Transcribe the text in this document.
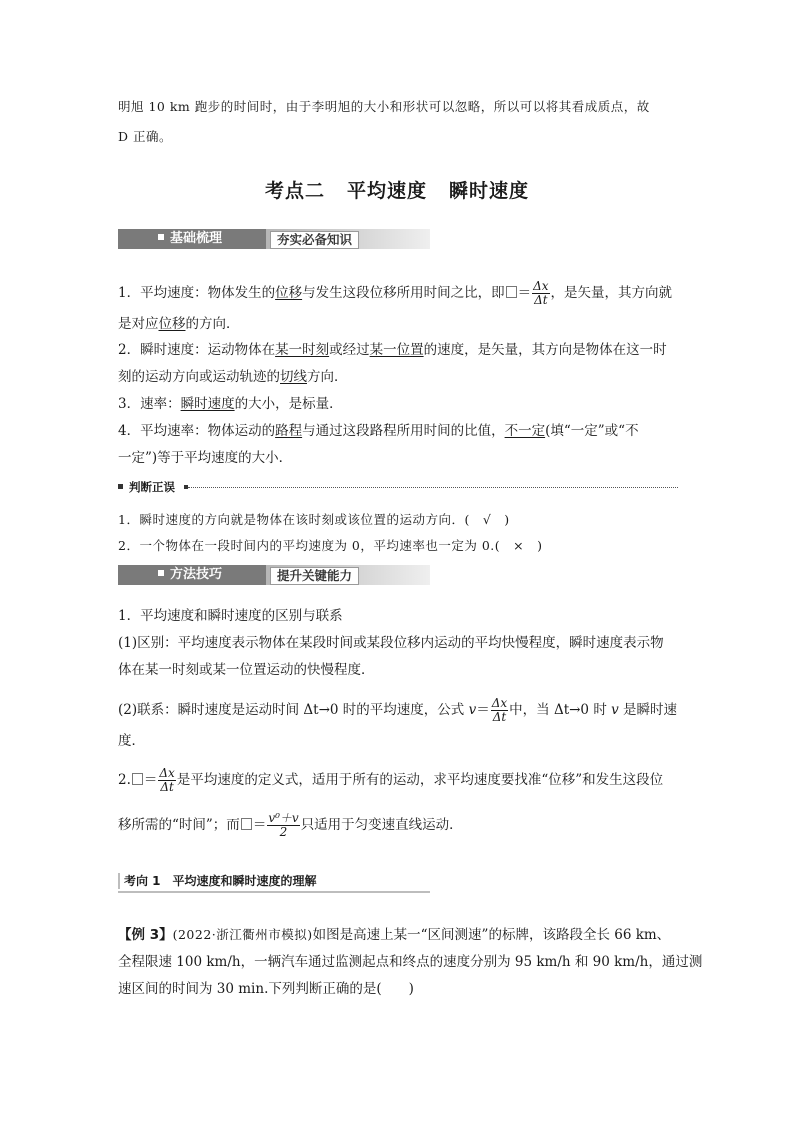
明旭 10 km 跑步的时间时，由于李明旭的大小和形状可以忽略，所以可以将其看成质点，故
D 正确。
考点二 平均速度 瞬时速度
基础梳理	夯实必备知识
1．平均速度：物体发生的位移与发生这段位移所用时间之比，即 ＝ $\frac{\Delta x}{\Delta t}$ ，是矢量，其方向就
是对应位移的方向．
2．瞬时速度：运动物体在某一时刻或经过某一位置的速度，是矢量，其方向是物体在这一时
刻的运动方向或运动轨迹的切线方向．
3．速率：瞬时速度的大小，是标量．
4．平均速率：物体运动的路程与通过这段路程所用时间的比值，不一定(填“一定”或“不
一定”)等于平均速度的大小．
判断正误
1．瞬时速度的方向就是物体在该时刻或该位置的运动方向．(　√　)
2．一个物体在一段时间内的平均速度为 0，平均速率也一定为 0.(　×　)
方法技巧	提升关键能力
1．平均速度和瞬时速度的区别与联系
(1)区别：平均速度表示物体在某段时间或某段位移内运动的平均快慢程度，瞬时速度表示物
体在某一时刻或某一位置运动的快慢程度．
(2)联系：瞬时速度是运动时间 Δt→0 时的平均速度，公式 $v= \frac{\Delta x}{\Delta t}$ 中，当 Δt→0 时 v 是瞬时速
度．
2. ＝ $\frac{\Delta x}{\Delta t}$ 是平均速度的定义式，适用于所有的运动，求平均速度要找准“位移”和发生这段位
移所需的“时间”；而 ＝ $\frac{\text{v⁰＋v}}{2}$ 只适用于匀变速直线运动．
考向 1　平均速度和瞬时速度的理解
【例 3】(2022·浙江衢州市模拟)如图是高速上某一“区间测速”的标牌，该路段全长 66 km、
全程限速 100 km/h，一辆汽车通过监测起点和终点的速度分别为 95 km/h 和 90 km/h，通过测
速区间的时间为 30 min.下列判断正确的是(　　)
